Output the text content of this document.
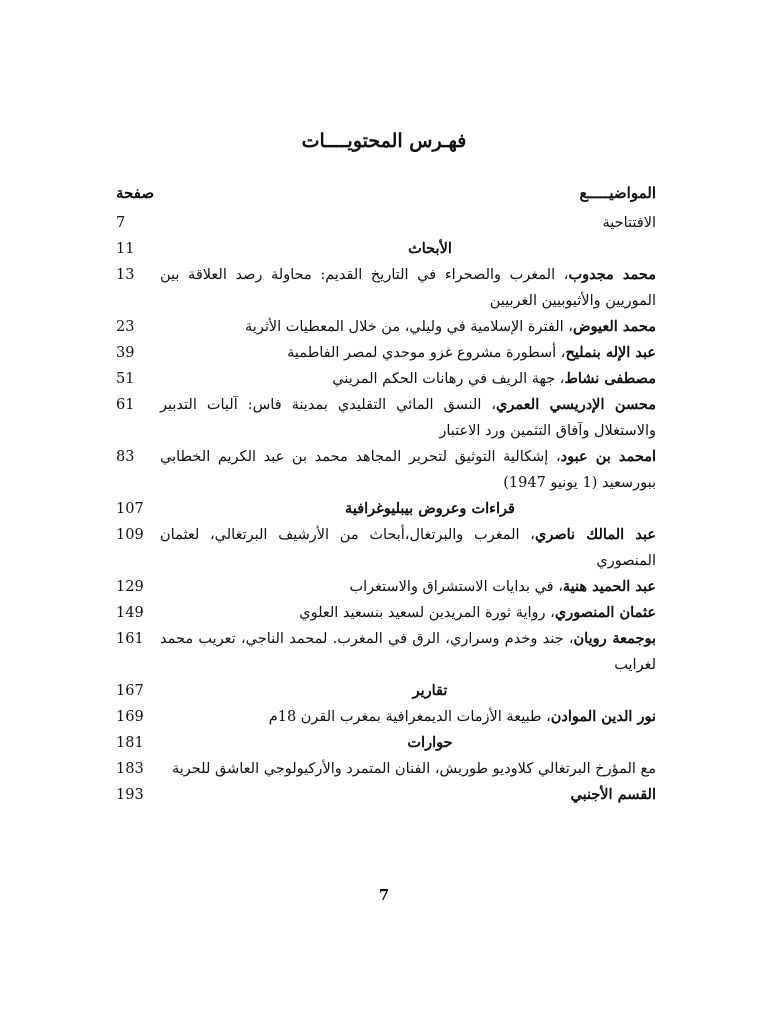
فهـرس المحتويــــات
المواضيـــــع
صفحة
الافتتاحية
7
الأبحاث
11
محمد مجدوب، المغرب والصحراء في التاريخ القديم: محاولة رصد العلاقة بين الموريين والأثيوبيين الغربيين
13
محمد العيوض، الفترة الإسلامية في وليلي، من خلال المعطيات الأثرية
23
عبد الإله بنمليح، أسطورة مشروع غزو موحدي لمصر الفاطمية
39
مصطفى نشاط، جهة الريف في رهانات الحكم المريني
51
محسن الإدريسي العمري، النسق المائي التقليدي بمدينة فاس: آليات التدبير والاستغلال وآفاق التثمين ورد الاعتبار
61
امحمد بن عبود، إشكالية التوثيق لتحرير المجاهد محمد بن عبد الكريم الخطابي ببورسعيد (1 يونيو 1947)
83
قراءات وعروض بيبليوغرافية
107
عبد المالك ناصري، المغرب والبرتغال،أبحاث من الأرشيف البرتغالي، لعثمان المنصوري
109
عبد الحميد هنية، في بدايات الاستشراق والاستغراب
129
عثمان المنصوري، رواية ثورة المريدين لسعيد بنسعيد العلوي
149
بوجمعة رويان، جند وخدم وسراري، الرق في المغرب. لمحمد الناجي، تعريب محمد لغرايب
161
تقارير
167
نور الدين الموادن، طبيعة الأزمات الديمغرافية بمغرب القرن 18م
169
حوارات
181
مع المؤرخ البرتغالي كلاوديو طوريش، الفنان المتمرد والأركيولوجي العاشق للحرية
183
القسم الأجنبي
193
7
